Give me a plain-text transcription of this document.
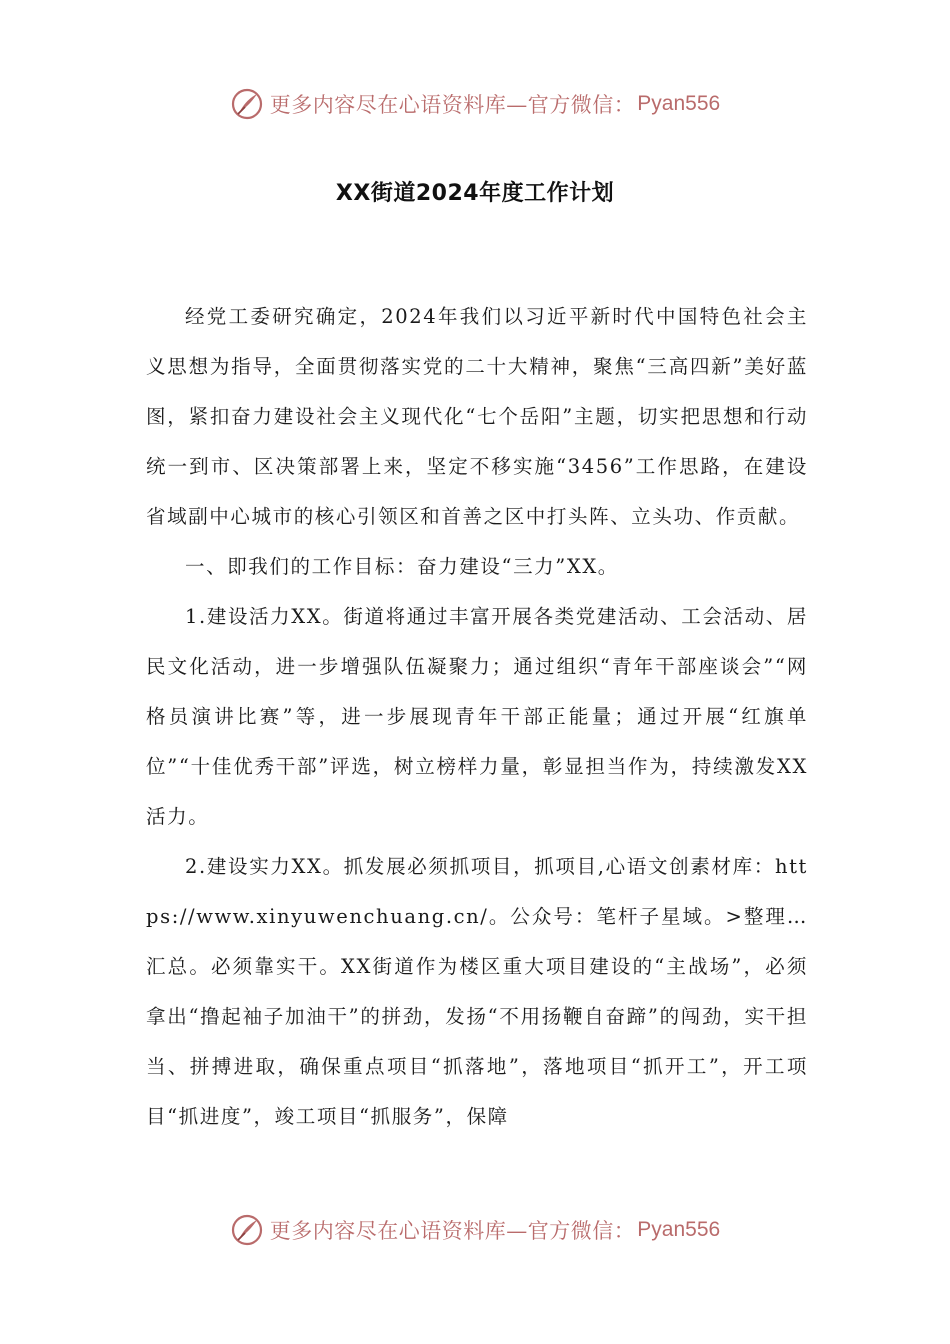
更多内容尽在心语资料库—官方微信： Pyan556
XX街道2024年度工作计划

经党工委研究确定，2024年我们以习近平新时代中国特色社会主义思想为指导，全面贯彻落实党的二十大精神，聚焦“三高四新”美好蓝图，紧扣奋力建设社会主义现代化“七个岳阳”主题，切实把思想和行动统一到市、区决策部署上来，坚定不移实施“3456”工作思路，在建设省域副中心城市的核心引领区和首善之区中打头阵、立头功、作贡献。

一、即我们的工作目标：奋力建设“三力”XX。

1.建设活力XX。街道将通过丰富开展各类党建活动、工会活动、居民文化活动，进一步增强队伍凝聚力；通过组织“青年干部座谈会”“网格员演讲比赛”等，进一步展现青年干部正能量；通过开展“红旗单位”“十佳优秀干部”评选，树立榜样力量，彰显担当作为，持续激发XX活力。

2.建设实力XX。抓发展必须抓项目，抓项目,心语文创素材库：https://www.xinyuwenchuang.cn/。公众号：笔杆子星域。>整理…汇总。必须靠实干。XX街道作为楼区重大项目建设的“主战场”，必须拿出“撸起袖子加油干”的拼劲，发扬“不用扬鞭自奋蹄”的闯劲，实干担当、拼搏进取，确保重点项目“抓落地”，落地项目“抓开工”，开工项目“抓进度”，竣工项目“抓服务”，保障

更多内容尽在心语资料库—官方微信： Pyan556
